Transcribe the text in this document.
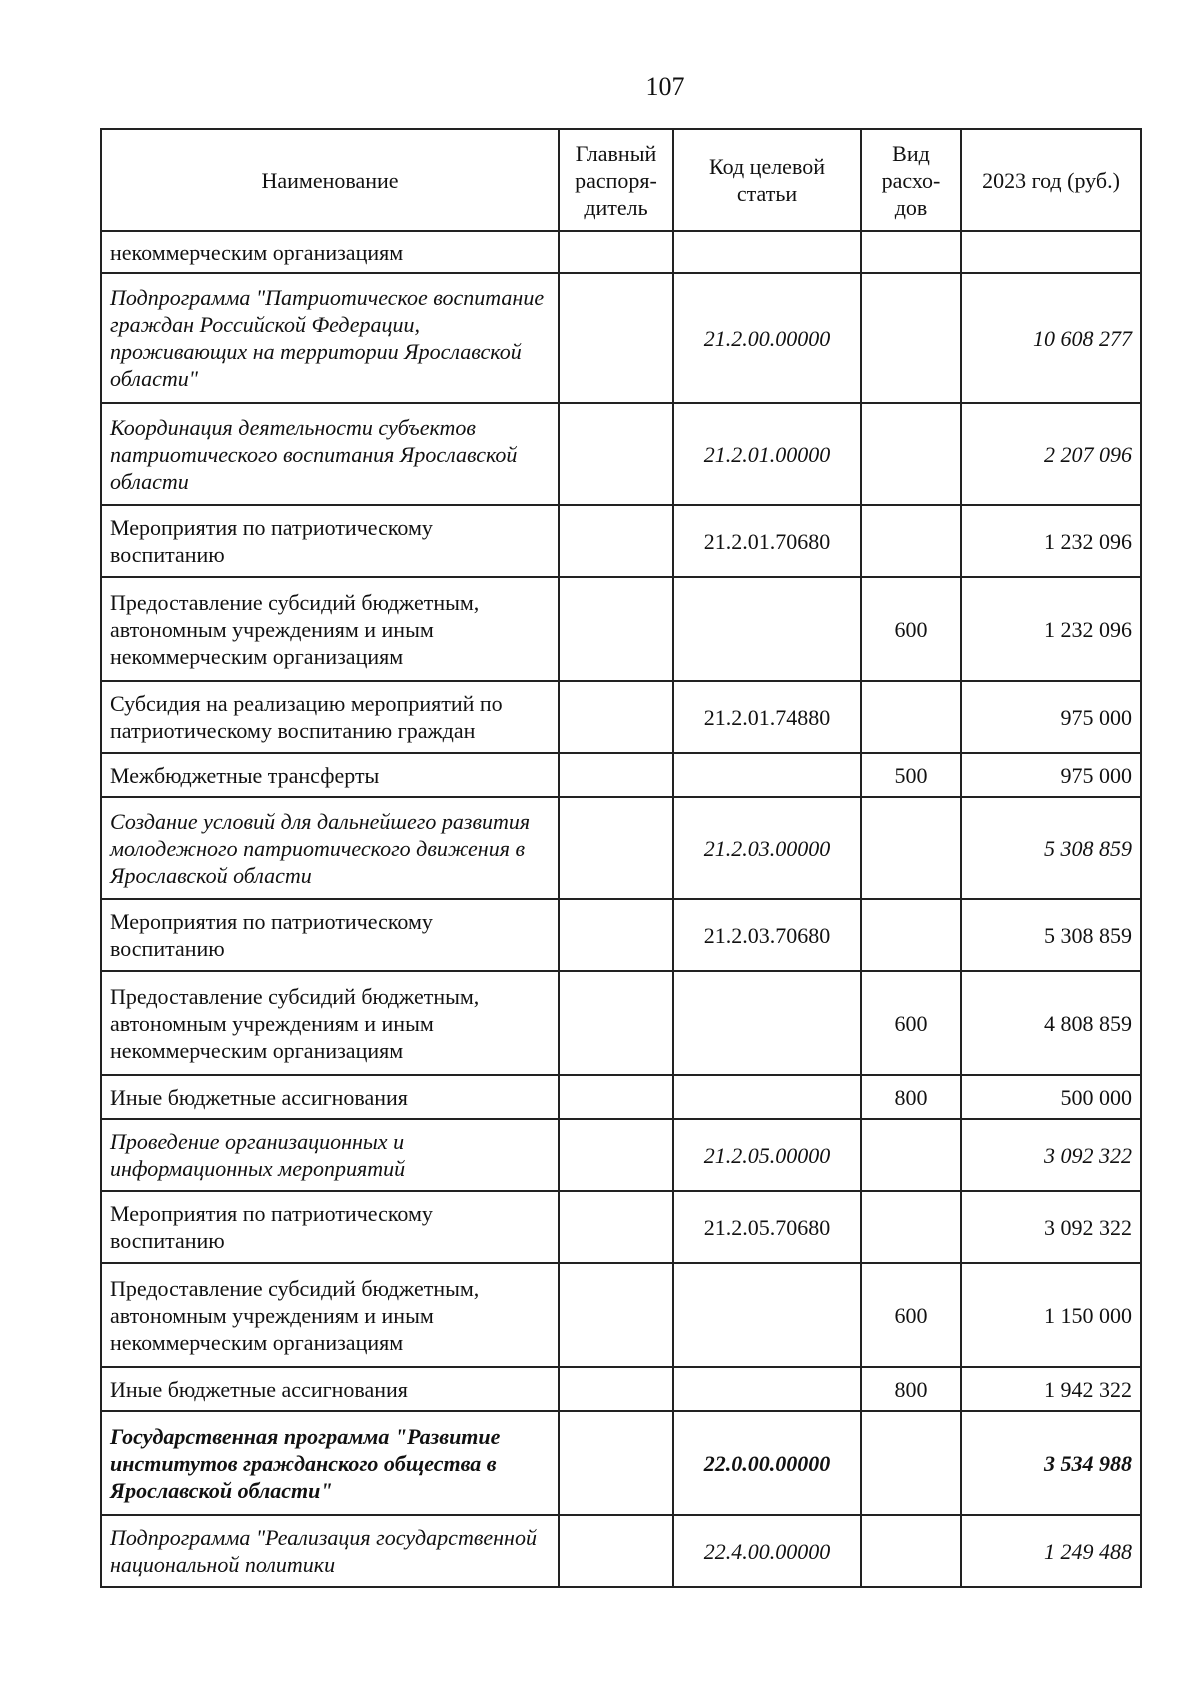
107
Наименование	Главный распоря-дитель	Код целевой статьи	Вид расхо-дов	2023 год (руб.)
некоммерческим организациям				
Подпрограмма "Патриотическое воспитание граждан Российской Федерации, проживающих на территории Ярославской области"		21.2.00.00000		10 608 277
Координация деятельности субъектов патриотического воспитания Ярославской области		21.2.01.00000		2 207 096
Мероприятия по патриотическому воспитанию		21.2.01.70680		1 232 096
Предоставление субсидий бюджетным, автономным учреждениям и иным некоммерческим организациям			600	1 232 096
Субсидия на реализацию мероприятий по патриотическому воспитанию граждан		21.2.01.74880		975 000
Межбюджетные трансферты			500	975 000
Создание условий для дальнейшего развития молодежного патриотического движения в Ярославской области		21.2.03.00000		5 308 859
Мероприятия по патриотическому воспитанию		21.2.03.70680		5 308 859
Предоставление субсидий бюджетным, автономным учреждениям и иным некоммерческим организациям			600	4 808 859
Иные бюджетные ассигнования			800	500 000
Проведение организационных и информационных мероприятий		21.2.05.00000		3 092 322
Мероприятия по патриотическому воспитанию		21.2.05.70680		3 092 322
Предоставление субсидий бюджетным, автономным учреждениям и иным некоммерческим организациям			600	1 150 000
Иные бюджетные ассигнования			800	1 942 322
Государственная программа "Развитие институтов гражданского общества в Ярославской области"		22.0.00.00000		3 534 988
Подпрограмма "Реализация государственной национальной политики		22.4.00.00000		1 249 488
